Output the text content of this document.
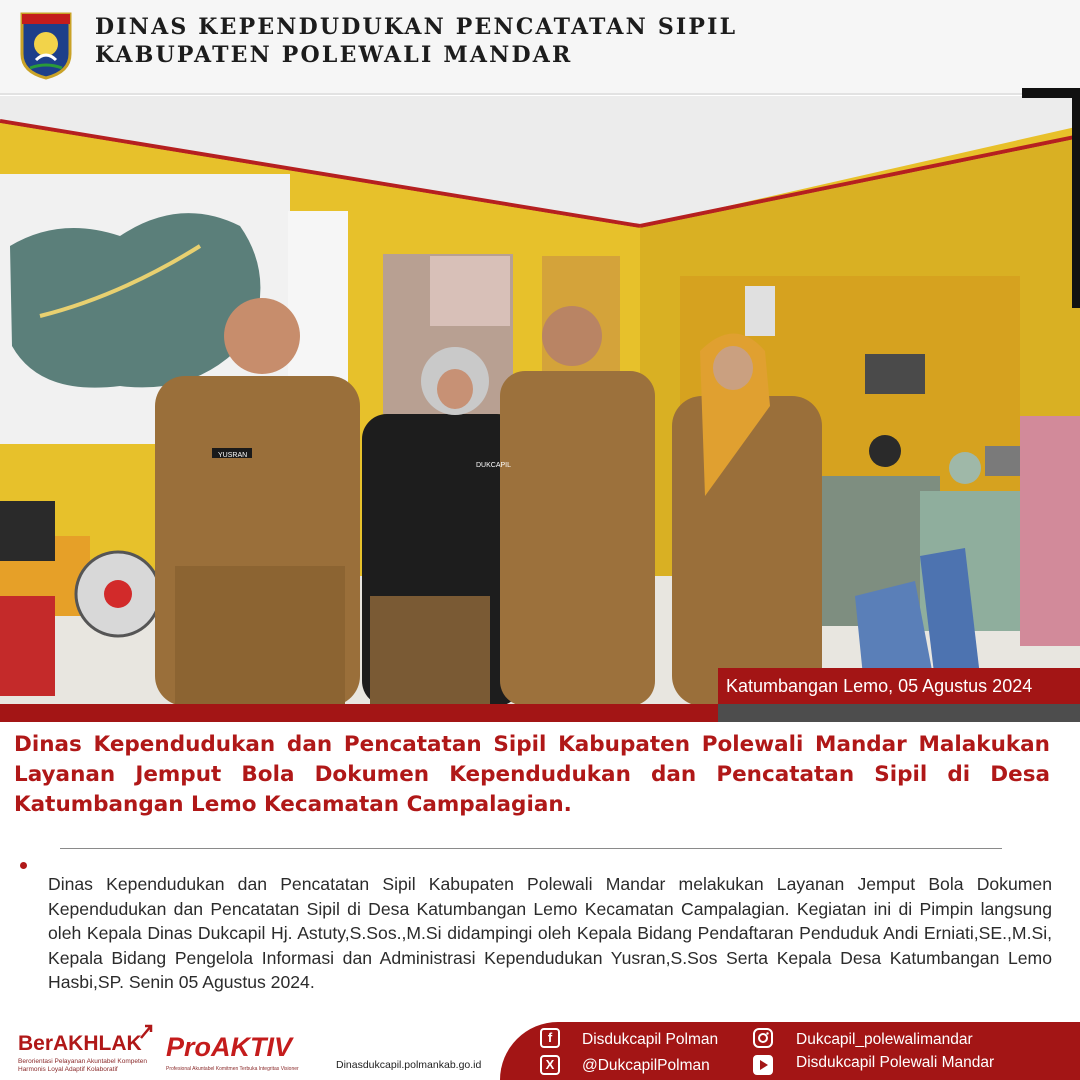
DINAS KEPENDUDUKAN PENCATATAN SIPIL
KABUPATEN POLEWALI MANDAR
YUSRAN
DUKCAPIL
Katumbangan Lemo, 05 Agustus 2024
Dinas Kependudukan dan Pencatatan Sipil Kabupaten Polewali Mandar Malakukan Layanan Jemput Bola Dokumen Kependudukan dan Pencatatan Sipil di Desa Katumbangan Lemo Kecamatan Campalagian.
Dinas Kependudukan dan Pencatatan Sipil Kabupaten Polewali Mandar melakukan Layanan Jemput Bola Dokumen Kependudukan dan Pencatatan Sipil di Desa Katumbangan Lemo Kecamatan Campalagian. Kegiatan ini di Pimpin langsung oleh Kepala Dinas Dukcapil Hj. Astuty,S.Sos.,M.Si didampingi oleh Kepala Bidang Pendaftaran Penduduk Andi Erniati,SE.,M.Si, Kepala Bidang Pengelola Informasi dan Administrasi Kependudukan Yusran,S.Sos Serta Kepala Desa Katumbangan Lemo Hasbi,SP. Senin 05 Agustus 2024.
BerAKHLAK
Berorientasi Pelayanan Akuntabel Kompeten Harmonis Loyal Adaptif Kolaboratif
ProAKTIV
Profesional Akuntabel Komitmen Terbuka Integritas Visioner	Dinasdukcapil.polmankab.go.id
f	Disdukcapil Polman
X	@DukcapilPolman
Dukcapil_polewalimandar
Disdukcapil Polewali Mandar
